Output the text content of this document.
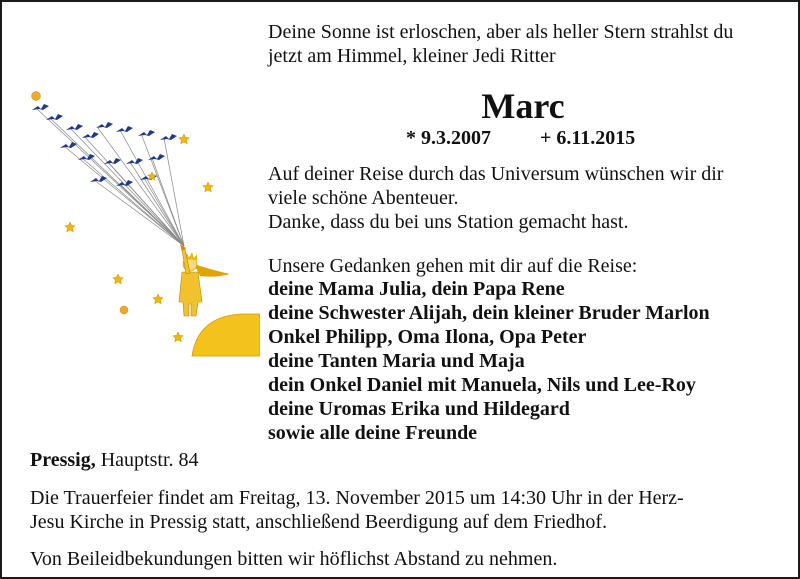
Deine Sonne ist erloschen, aber als heller Stern strahlst du
jetzt am Himmel, kleiner Jedi Ritter
Marc
* 9.3.2007 + 6.11.2015
Auf deiner Reise durch das Universum wünschen wir dir
viele schöne Abenteuer.
Danke, dass du bei uns Station gemacht hast.
Unsere Gedanken gehen mit dir auf die Reise:
deine Mama Julia, dein Papa Rene
deine Schwester Alijah, dein kleiner Bruder Marlon
Onkel Philipp, Oma Ilona, Opa Peter
deine Tanten Maria und Maja
dein Onkel Daniel mit Manuela, Nils und Lee-Roy
deine Uromas Erika und Hildegard
sowie alle deine Freunde
Pressig, Hauptstr. 84
Die Trauerfeier findet am Freitag, 13. November 2015 um 14:30 Uhr in der Herz-
Jesu Kirche in Pressig statt, anschließend Beerdigung auf dem Friedhof.
Von Beileidbekundungen bitten wir höflichst Abstand zu nehmen.
